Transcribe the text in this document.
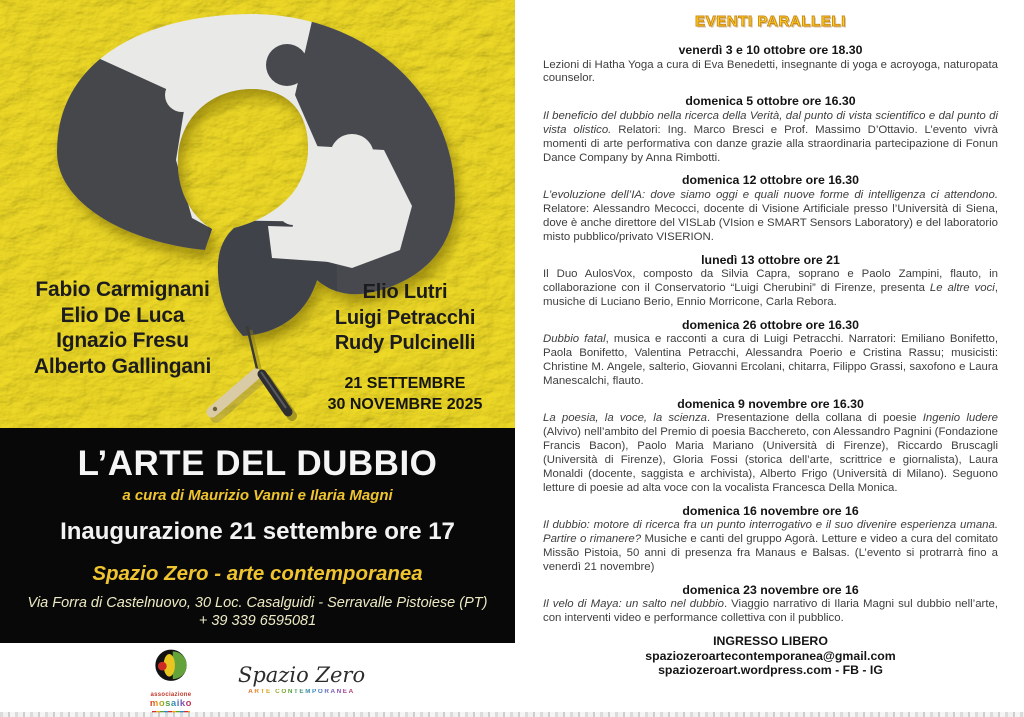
Fabio Carmignani
Elio De Luca
Ignazio Fresu
Alberto Gallingani
Elio Lutri
Luigi Petracchi
Rudy Pulcinelli
21 SETTEMBRE
30 NOVEMBRE 2025
L’ARTE DEL DUBBIO
a cura di Maurizio Vanni e Ilaria Magni
Inaugurazione 21 settembre ore 17
Spazio Zero - arte contemporanea
Via Forra di Castelnuovo, 30 Loc. Casalguidi - Serravalle Pistoiese (PT)
+ 39 339 6595081
associazione
mosaiko
Spazio Zero
ARTE CONTEMPORANEA
EVENTI PARALLELI
venerdì 3 e 10 ottobre ore 18.30

Lezioni di Hatha Yoga a cura di Eva Benedetti, insegnante di yoga e acroyoga, naturopata counselor.

domenica 5 ottobre ore 16.30

Il beneficio del dubbio nella ricerca della Verità, dal punto di vista scientifico e dal punto di vista olistico. Relatori: Ing. Marco Bresci e Prof. Massimo D’Ottavio. L’evento vivrà momenti di arte performativa con danze grazie alla straordinaria partecipazione di Fonun Dance Company by Anna Rimbotti.

domenica 12 ottobre ore 16.30

L’evoluzione dell’IA: dove siamo oggi e quali nuove forme di intelligenza ci attendono. Relatore: Alessandro Mecocci, docente di Visione Artificiale presso l’Università di Siena, dove è anche direttore del VISLab (VIsion e SMART Sensors Laboratory) e del laboratorio misto pubblico/privato VISERION.

lunedì 13 ottobre ore 21

Il Duo AulosVox, composto da Silvia Capra, soprano e Paolo Zampini, flauto, in collaborazione con il Conservatorio “Luigi Cherubini” di Firenze, presenta Le altre voci, musiche di Luciano Berio, Ennio Morricone, Carla Rebora.

domenica 26 ottobre ore 16.30

Dubbio fatal, musica e racconti a cura di Luigi Petracchi. Narratori: Emiliano Bonifetto, Paola Bonifetto, Valentina Petracchi, Alessandra Poerio e Cristina Rassu; musicisti: Christine M. Angele, salterio, Giovanni Ercolani, chitarra, Filippo Grassi, saxofono e Laura Manescalchi, flauto.

domenica 9 novembre ore 16.30

La poesia, la voce, la scienza. Presentazione della collana di poesie Ingenio ludere (Alvivo) nell’ambito del Premio di poesia Bacchereto, con Alessandro Pagnini (Fondazione Francis Bacon), Paolo Maria Mariano (Università di Firenze), Riccardo Bruscagli (Università di Firenze), Gloria Fossi (storica dell’arte, scrittrice e giornalista), Laura Monaldi (docente, saggista e archivista), Alberto Frigo (Università di Milano). Seguono letture di poesie ad alta voce con la vocalista Francesca Della Monica.

domenica 16 novembre ore 16

Il dubbio: motore di ricerca fra un punto interrogativo e il suo divenire esperienza umana. Partire o rimanere? Musiche e canti del gruppo Agorà. Letture e video a cura del comitato Missão Pistoia, 50 anni di presenza fra Manaus e Balsas. (L’evento si protrarrà fino a venerdì 21 novembre)

domenica 23 novembre ore 16

Il velo di Maya: un salto nel dubbio. Viaggio narrativo di Ilaria Magni sul dubbio nell’arte, con interventi video e performance collettiva con il pubblico.

INGRESSO LIBERO
spaziozeroartecontemporanea@gmail.com
spaziozeroart.wordpress.com - FB - IG
